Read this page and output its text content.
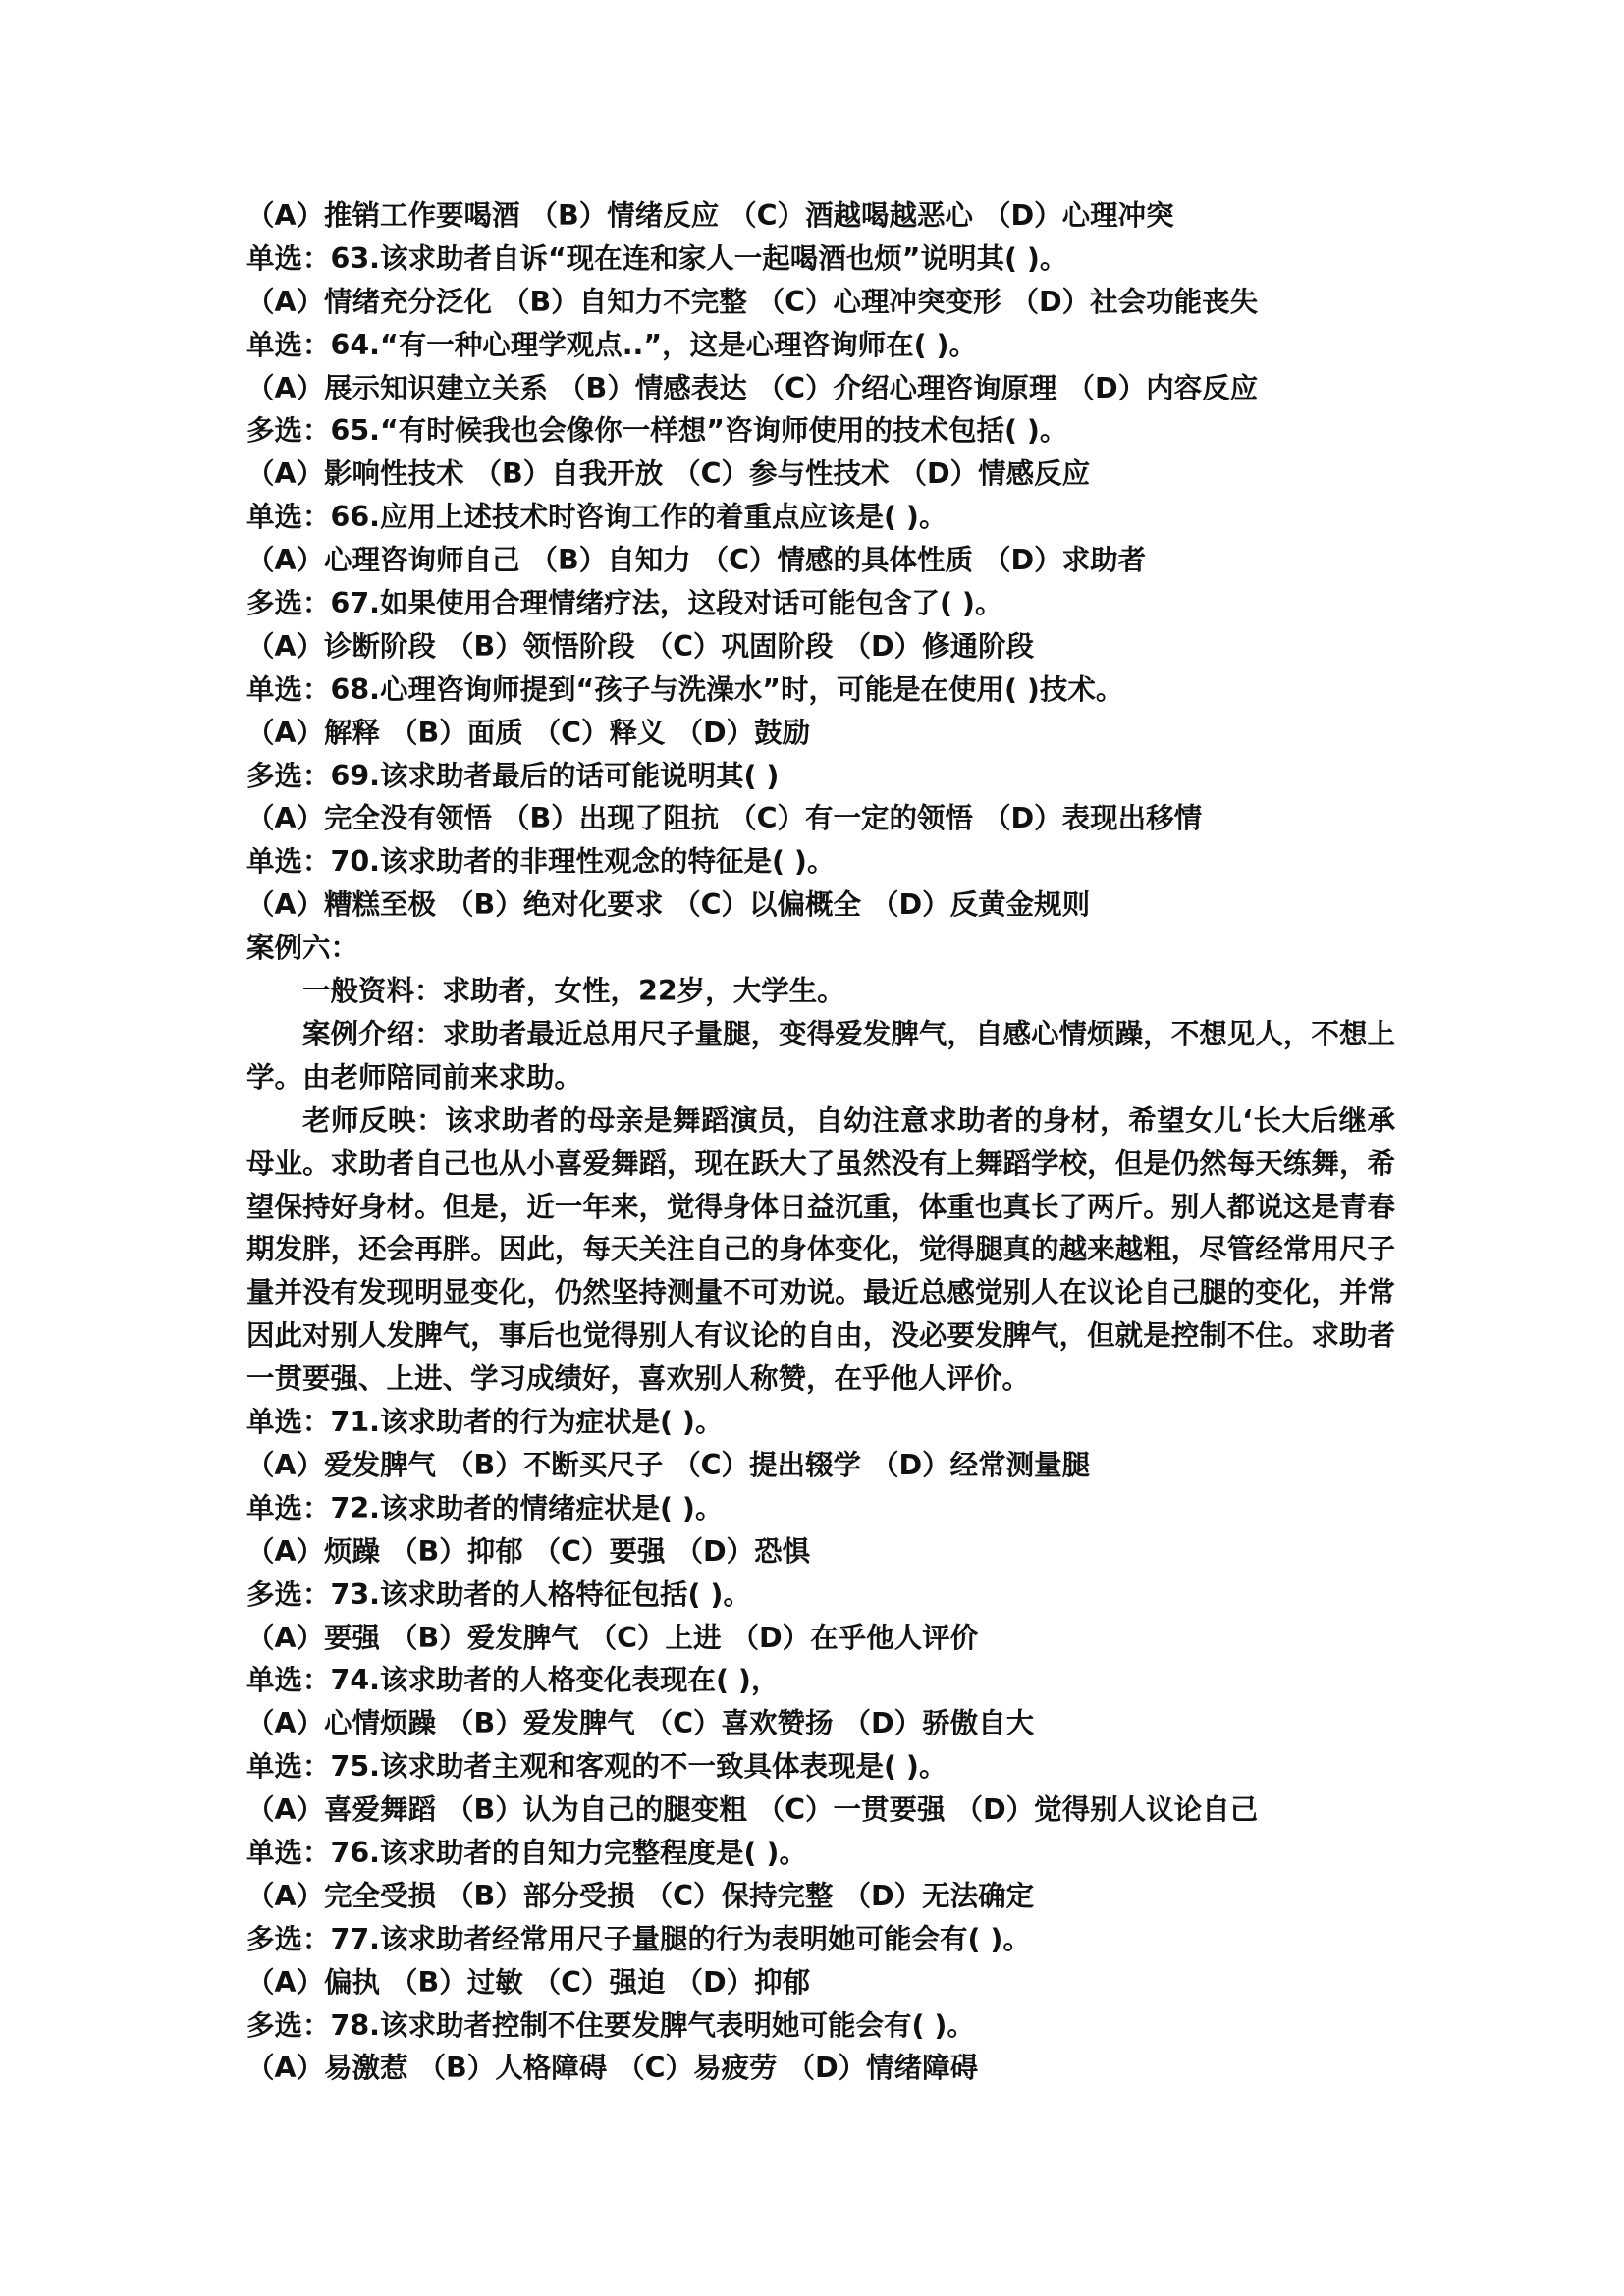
（A）推销工作要喝酒 （B）情绪反应 （C）酒越喝越恶心 （D）心理冲突
单选：63.该求助者自诉“现在连和家人一起喝酒也烦”说明其( )。
（A）情绪充分泛化 （B）自知力不完整 （C）心理冲突变形 （D）社会功能丧失
单选：64.“有一种心理学观点..”，这是心理咨询师在( )。
（A）展示知识建立关系 （B）情感表达 （C）介绍心理咨询原理 （D）内容反应
多选：65.“有时候我也会像你一样想”咨询师使用的技术包括( )。
（A）影响性技术 （B）自我开放 （C）参与性技术 （D）情感反应
单选：66.应用上述技术时咨询工作的着重点应该是( )。
（A）心理咨询师自己 （B）自知力 （C）情感的具体性质 （D）求助者
多选：67.如果使用合理情绪疗法，这段对话可能包含了( )。
（A）诊断阶段 （B）领悟阶段 （C）巩固阶段 （D）修通阶段
单选：68.心理咨询师提到“孩子与洗澡水”时，可能是在使用( )技术。
（A）解释 （B）面质 （C）释义 （D）鼓励
多选：69.该求助者最后的话可能说明其( )
（A）完全没有领悟 （B）出现了阻抗 （C）有一定的领悟 （D）表现出移情
单选：70.该求助者的非理性观念的特征是( )。
（A）糟糕至极 （B）绝对化要求 （C）以偏概全 （D）反黄金规则
案例六：
一般资料：求助者，女性，22岁，大学生。
案例介绍：求助者最近总用尺子量腿，变得爱发脾气，自感心情烦躁，不想见人，不想上学。由老师陪同前来求助。
老师反映：该求助者的母亲是舞蹈演员，自幼注意求助者的身材，希望女儿‘长大后继承母业。求助者自己也从小喜爱舞蹈，现在跃大了虽然没有上舞蹈学校，但是仍然每天练舞，希望保持好身材。但是，近一年来，觉得身体日益沉重，体重也真长了两斤。别人都说这是青春期发胖，还会再胖。因此，每天关注自己的身体变化，觉得腿真的越来越粗，尽管经常用尺子量并没有发现明显变化，仍然坚持测量不可劝说。最近总感觉别人在议论自己腿的变化，并常因此对别人发脾气，事后也觉得别人有议论的自由，没必要发脾气，但就是控制不住。求助者一贯要强、上进、学习成绩好，喜欢别人称赞，在乎他人评价。
单选：71.该求助者的行为症状是( )。
（A）爱发脾气 （B）不断买尺子 （C）提出辍学 （D）经常测量腿
单选：72.该求助者的情绪症状是( )。
（A）烦躁 （B）抑郁 （C）要强 （D）恐惧
多选：73.该求助者的人格特征包括( )。
（A）要强 （B）爱发脾气 （C）上进 （D）在乎他人评价
单选：74.该求助者的人格变化表现在( )，
（A）心情烦躁 （B）爱发脾气 （C）喜欢赞扬 （D）骄傲自大
单选：75.该求助者主观和客观的不一致具体表现是( )。
（A）喜爱舞蹈 （B）认为自己的腿变粗 （C）一贯要强 （D）觉得别人议论自己
单选：76.该求助者的自知力完整程度是( )。
（A）完全受损 （B）部分受损 （C）保持完整 （D）无法确定
多选：77.该求助者经常用尺子量腿的行为表明她可能会有( )。
（A）偏执 （B）过敏 （C）强迫 （D）抑郁
多选：78.该求助者控制不住要发脾气表明她可能会有( )。
（A）易激惹 （B）人格障碍 （C）易疲劳 （D）情绪障碍
